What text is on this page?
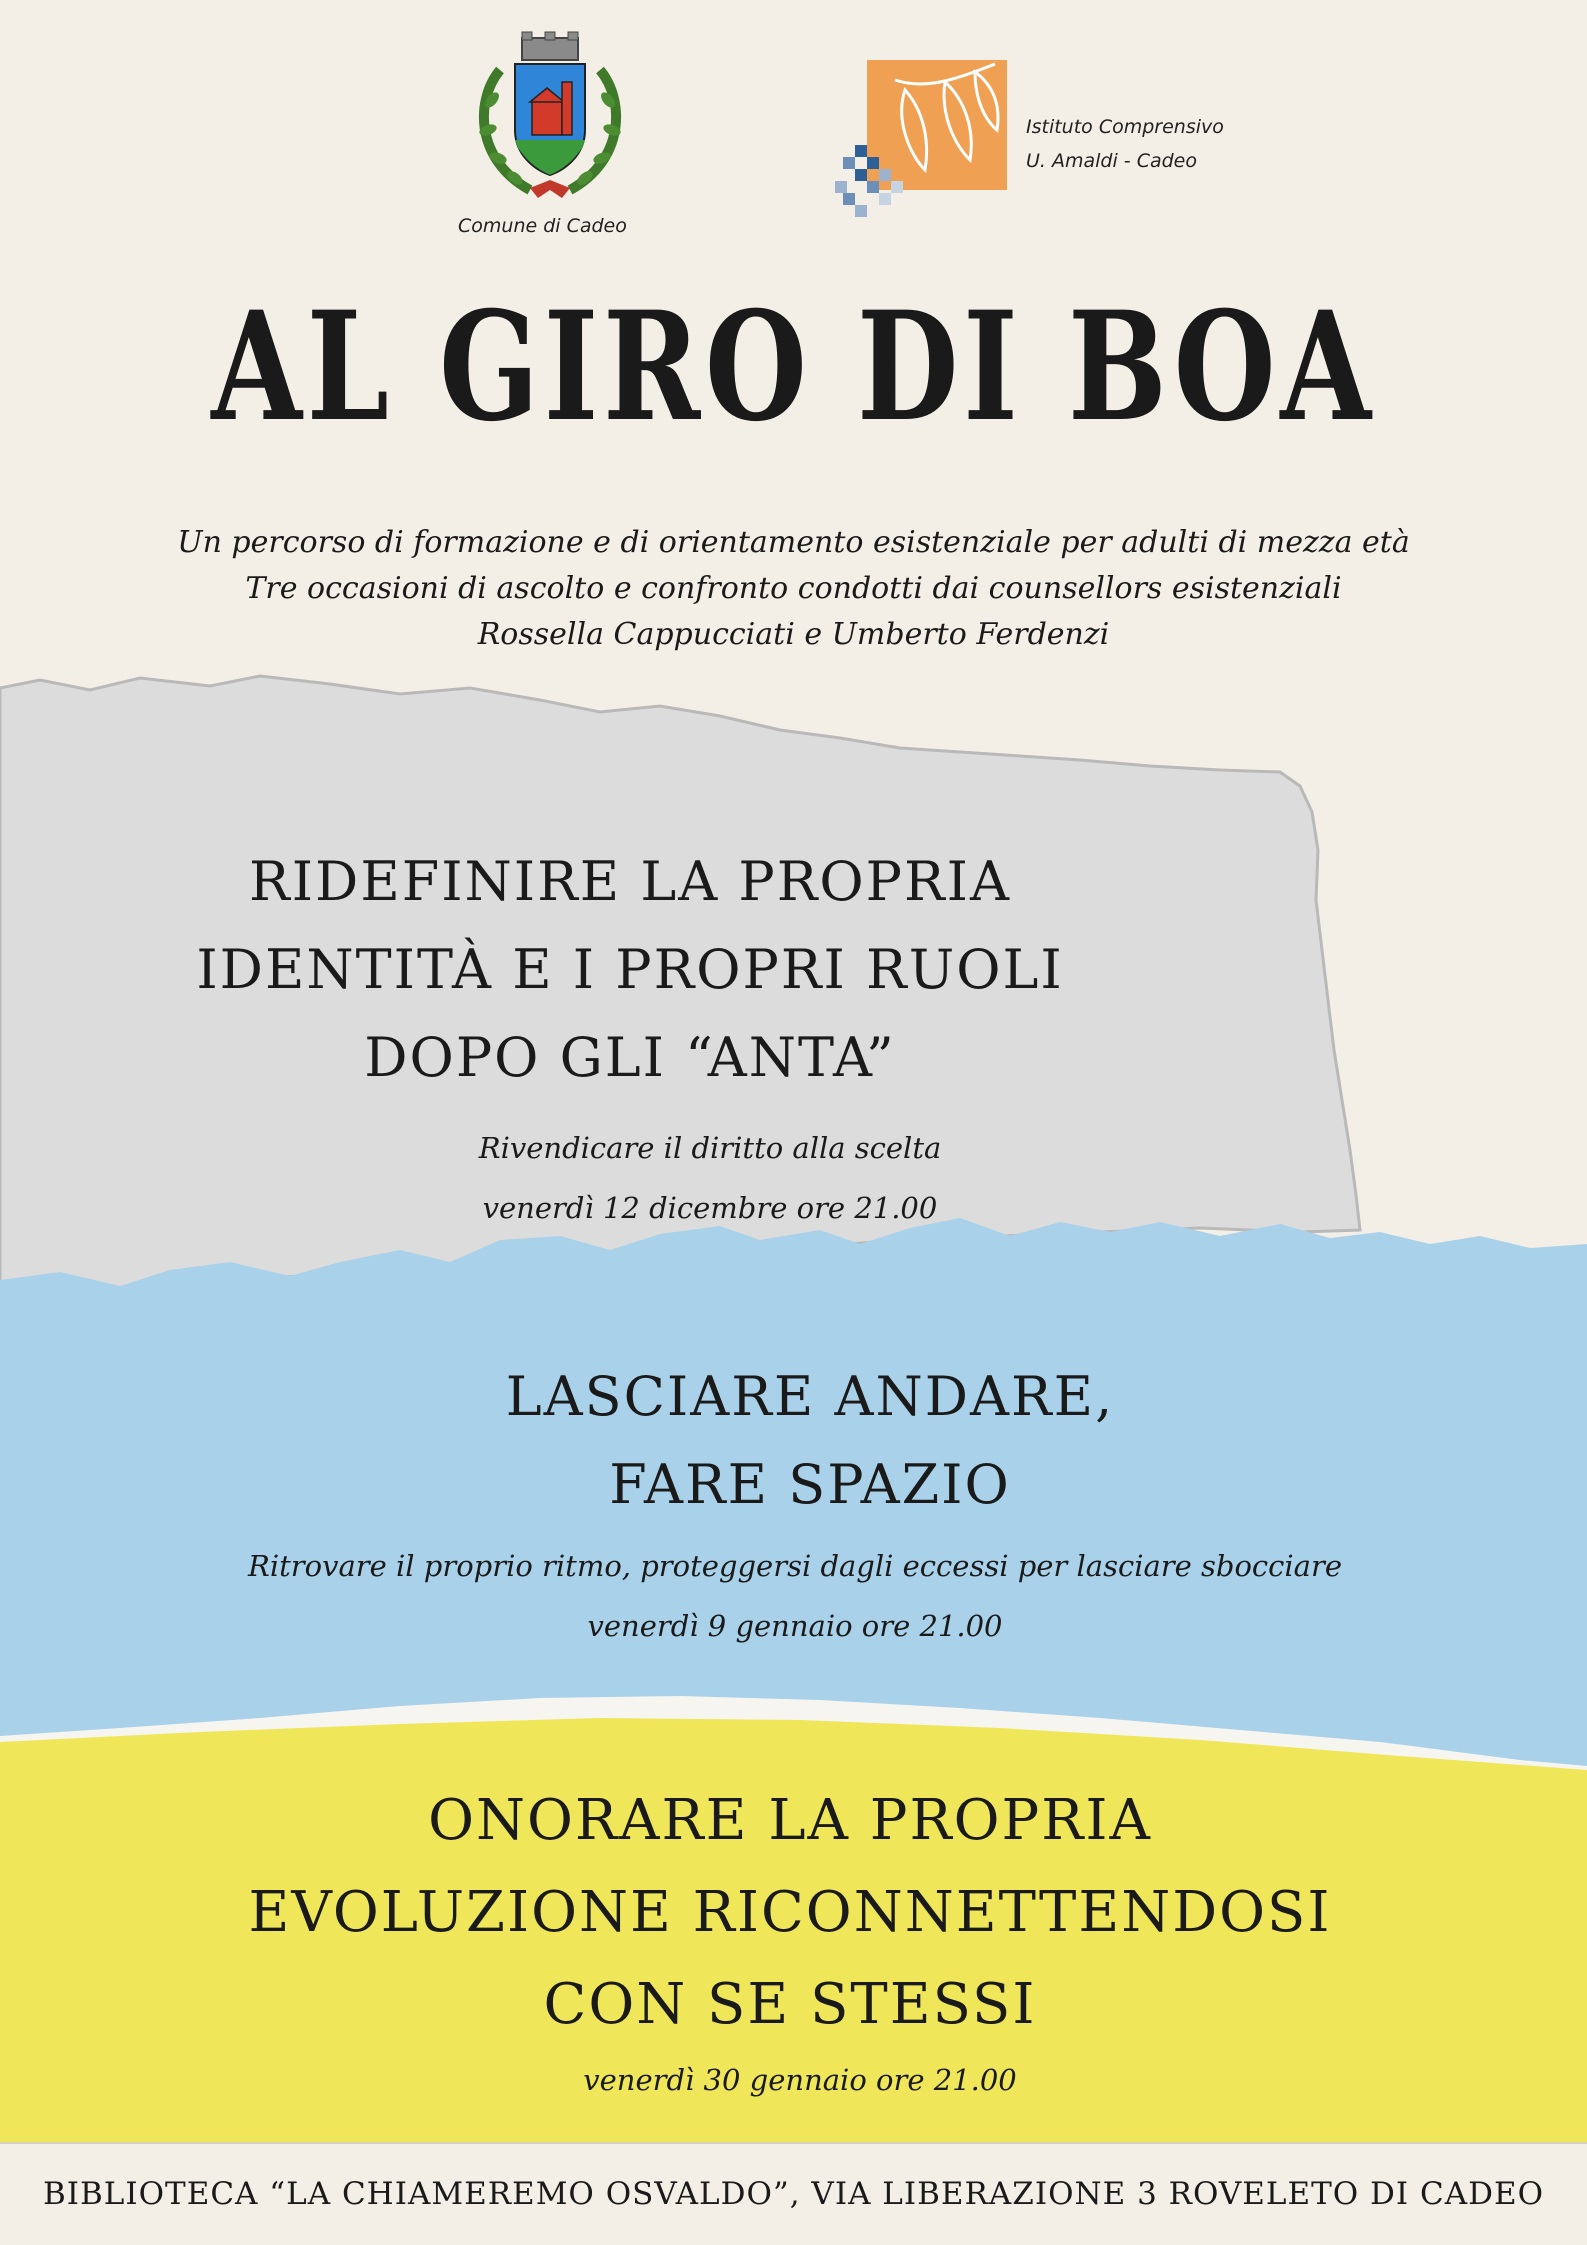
Comune di Cadeo
Istituto Comprensivo
U. Amaldi - Cadeo
AL GIRO DI BOA
Un percorso di formazione e di orientamento esistenziale per adulti di mezza età
Tre occasioni di ascolto e confronto condotti dai counsellors esistenziali
Rossella Cappucciati e Umberto Ferdenzi
RIDEFINIRE LA PROPRIA
IDENTITÀ E I PROPRI RUOLI
DOPO GLI “ANTA”
Rivendicare il diritto alla scelta
venerdì 12 dicembre ore 21.00
LASCIARE ANDARE,
FARE SPAZIO
Ritrovare il proprio ritmo, proteggersi dagli eccessi per lasciare sbocciare
venerdì 9 gennaio ore 21.00
ONORARE LA PROPRIA
EVOLUZIONE RICONNETTENDOSI
CON SE STESSI
venerdì 30 gennaio ore 21.00
BIBLIOTECA “LA CHIAMEREMO OSVALDO”, VIA LIBERAZIONE 3 ROVELETO DI CADEO
